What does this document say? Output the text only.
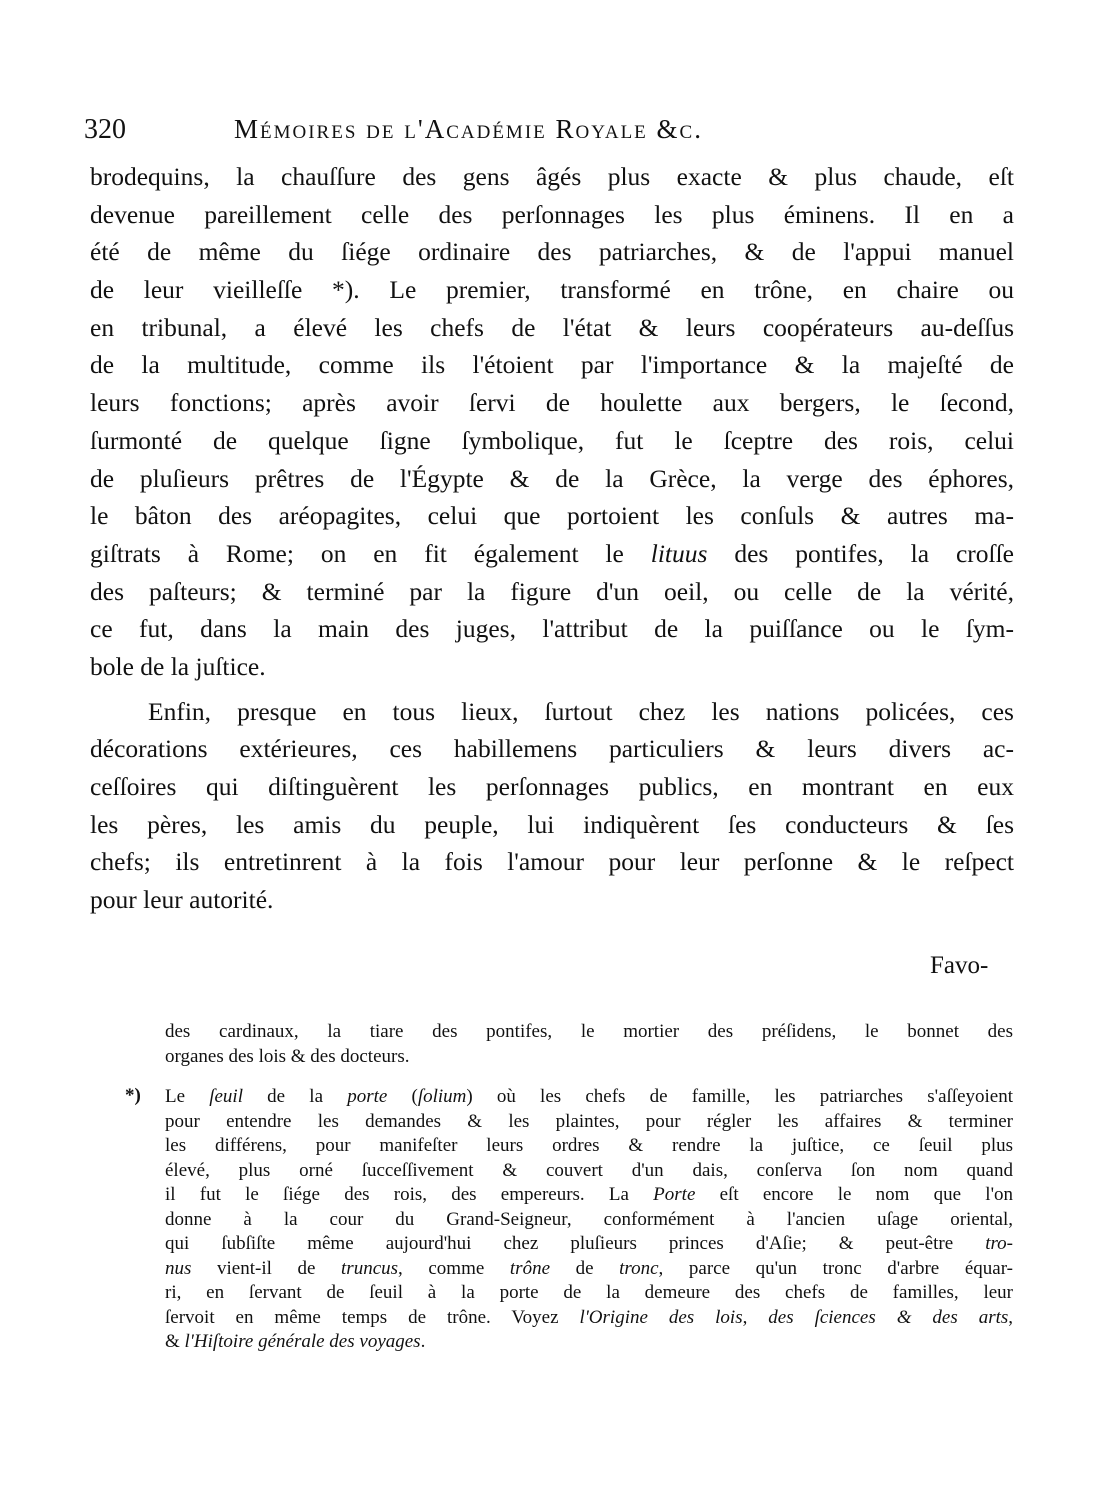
320	Mémoires de l'Académie Royale &c.
brodequins, la chauſſure des gens âgés plus exacte & plus chaude, eſt
devenue pareillement celle des perſonnages les plus éminens. Il en a
été de même du ſiége ordinaire des patriarches, & de l'appui manuel
de leur vieilleſſe *). Le premier, transformé en trône, en chaire ou
en tribunal, a élevé les chefs de l'état & leurs coopérateurs au-deſſus
de la multitude, comme ils l'étoient par l'importance & la majeſté de
leurs fonctions; après avoir ſervi de houlette aux bergers, le ſecond,
ſurmonté de quelque ſigne ſymbolique, fut le ſceptre des rois, celui
de pluſieurs prêtres de l'Égypte & de la Grèce, la verge des éphores,
le bâton des aréopagites, celui que portoient les conſuls & autres ma-
giſtrats à Rome; on en fit également le lituus des pontifes, la croſſe
des paſteurs; & terminé par la figure d'un oeil, ou celle de la vérité,
ce fut, dans la main des juges, l'attribut de la puiſſance ou le ſym-
bole de la juſtice.
Enfin, presque en tous lieux, ſurtout chez les nations policées, ces
décorations extérieures, ces habillemens particuliers & leurs divers ac-
ceſſoires qui diſtinguèrent les perſonnages publics, en montrant en eux
les pères, les amis du peuple, lui indiquèrent ſes conducteurs & ſes
chefs; ils entretinrent à la fois l'amour pour leur perſonne & le reſpect
pour leur autorité.
Favo-
des cardinaux, la tiare des pontifes, le mortier des préſidens, le bonnet des
organes des lois & des docteurs.
*) Le ſeuil de la porte (ſolium) où les chefs de famille, les patriarches s'aſſeyoient
pour entendre les demandes & les plaintes, pour régler les affaires & terminer
les différens, pour manifeſter leurs ordres & rendre la juſtice, ce ſeuil plus
élevé, plus orné ſucceſſivement & couvert d'un dais, conſerva ſon nom quand
il fut le ſiége des rois, des empereurs. La Porte eſt encore le nom que l'on
donne à la cour du Grand-Seigneur, conformément à l'ancien uſage oriental,
qui ſubſiſte même aujourd'hui chez pluſieurs princes d'Aſie; & peut-être tro-
nus vient-il de truncus, comme trône de tronc, parce qu'un tronc d'arbre équar-
ri, en ſervant de ſeuil à la porte de la demeure des chefs de familles, leur
ſervoit en même temps de trône. Voyez l'Origine des lois, des ſciences & des arts,
& l'Hiſtoire générale des voyages.
